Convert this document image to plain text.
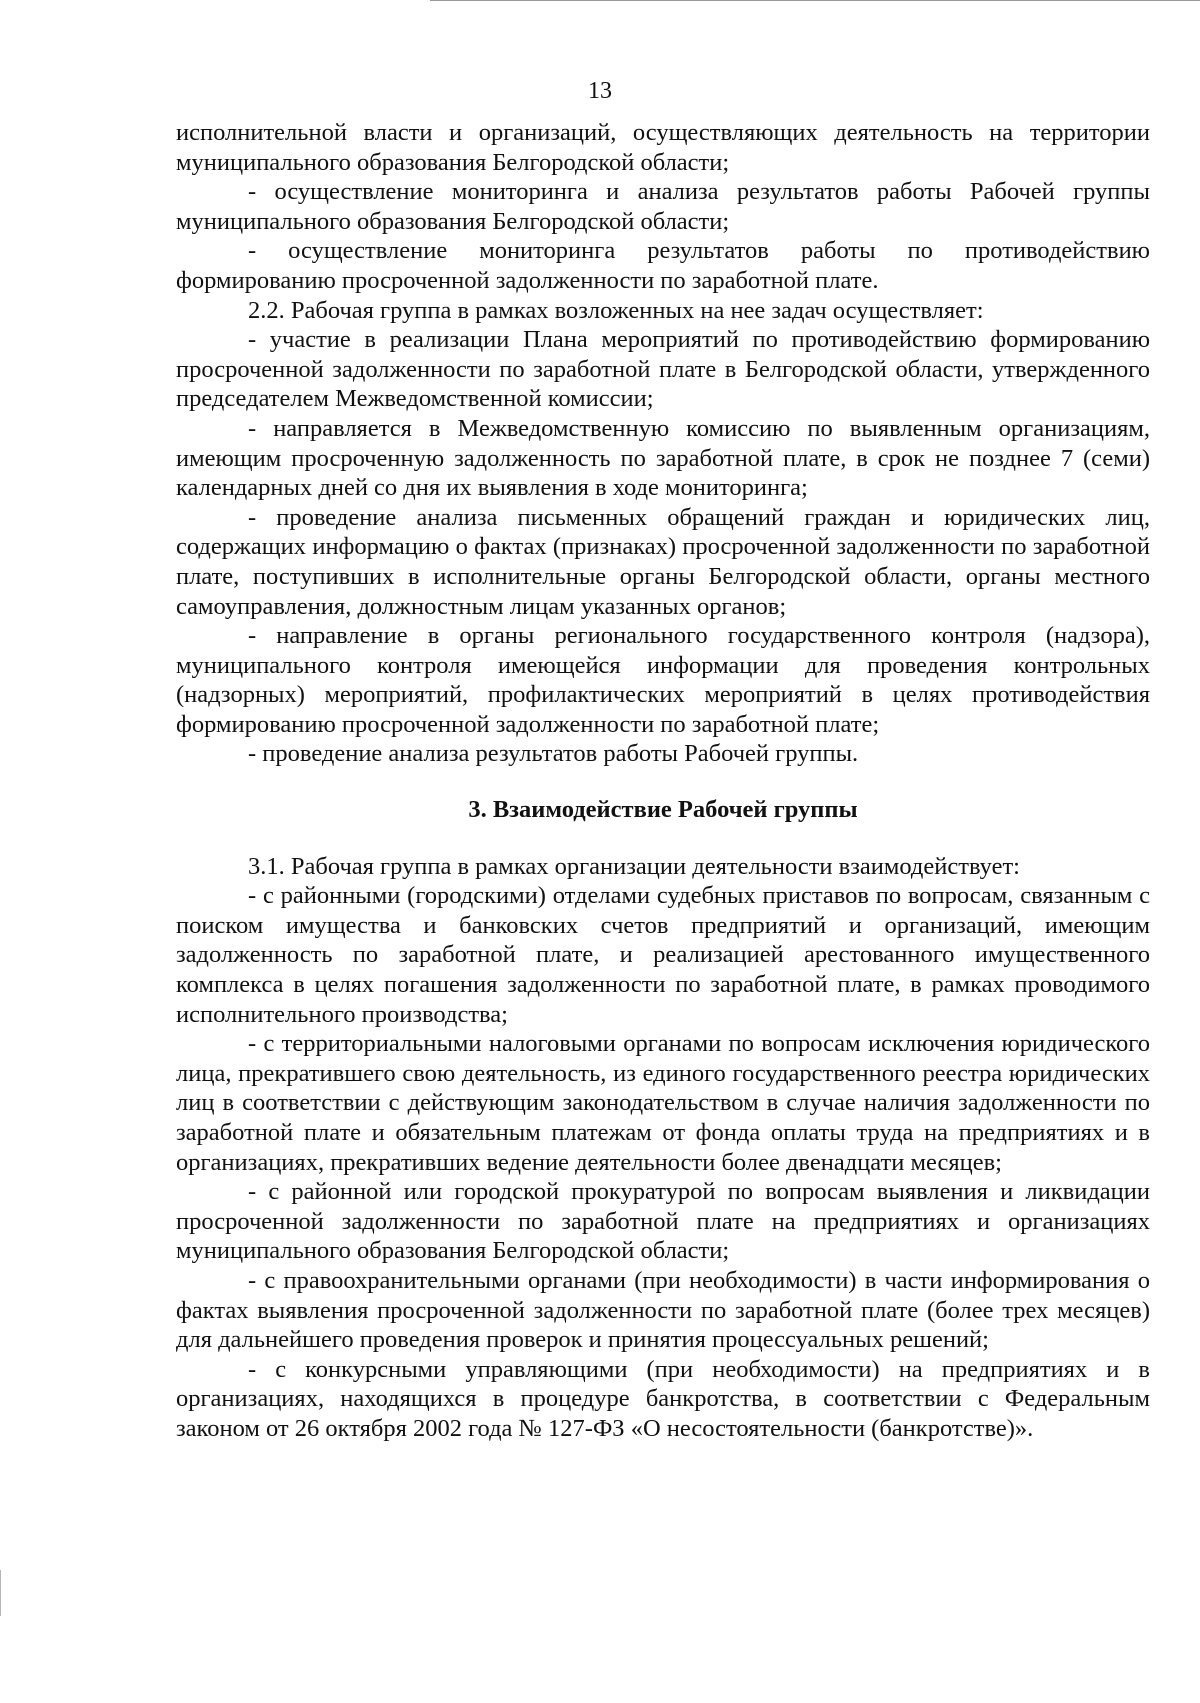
13

исполнительной власти и организаций, осуществляющих деятельность на территории муниципального образования Белгородской области;

- осуществление мониторинга и анализа результатов работы Рабочей группы муниципального образования Белгородской области;

- осуществление мониторинга результатов работы по противодействию формированию просроченной задолженности по заработной плате.

2.2. Рабочая группа в рамках возложенных на нее задач осуществляет:

- участие в реализации Плана мероприятий по противодействию формированию просроченной задолженности по заработной плате в Белгородской области, утвержденного председателем Межведомственной комиссии;

- направляется в Межведомственную комиссию по выявленным организациям, имеющим просроченную задолженность по заработной плате, в срок не позднее 7 (семи) календарных дней со дня их выявления в ходе мониторинга;

- проведение анализа письменных обращений граждан и юридических лиц, содержащих информацию о фактах (признаках) просроченной задолженности по заработной плате, поступивших в исполнительные органы Белгородской области, органы местного самоуправления, должностным лицам указанных органов;

- направление в органы регионального государственного контроля (надзора), муниципального контроля имеющейся информации для проведения контрольных (надзорных) мероприятий, профилактических мероприятий в целях противодействия формированию просроченной задолженности по заработной плате;

- проведение анализа результатов работы Рабочей группы.

3. Взаимодействие Рабочей группы

3.1. Рабочая группа в рамках организации деятельности взаимодействует:

- с районными (городскими) отделами судебных приставов по вопросам, связанным с поиском имущества и банковских счетов предприятий и организаций, имеющим задолженность по заработной плате, и реализацией арестованного имущественного комплекса в целях погашения задолженности по заработной плате, в рамках проводимого исполнительного производства;

- с территориальными налоговыми органами по вопросам исключения юридического лица, прекратившего свою деятельность, из единого государственного реестра юридических лиц в соответствии с действующим законодательством в случае наличия задолженности по заработной плате и обязательным платежам от фонда оплаты труда на предприятиях и в организациях, прекративших ведение деятельности более двенадцати месяцев;

- с районной или городской прокуратурой по вопросам выявления и ликвидации просроченной задолженности по заработной плате на предприятиях и организациях муниципального образования Белгородской области;

- с правоохранительными органами (при необходимости) в части информирования о фактах выявления просроченной задолженности по заработной плате (более трех месяцев) для дальнейшего проведения проверок и принятия процессуальных решений;

- с конкурсными управляющими (при необходимости) на предприятиях и в организациях, находящихся в процедуре банкротства, в соответствии с Федеральным законом от 26 октября 2002 года № 127-ФЗ «О несостоятельности (банкротстве)».
